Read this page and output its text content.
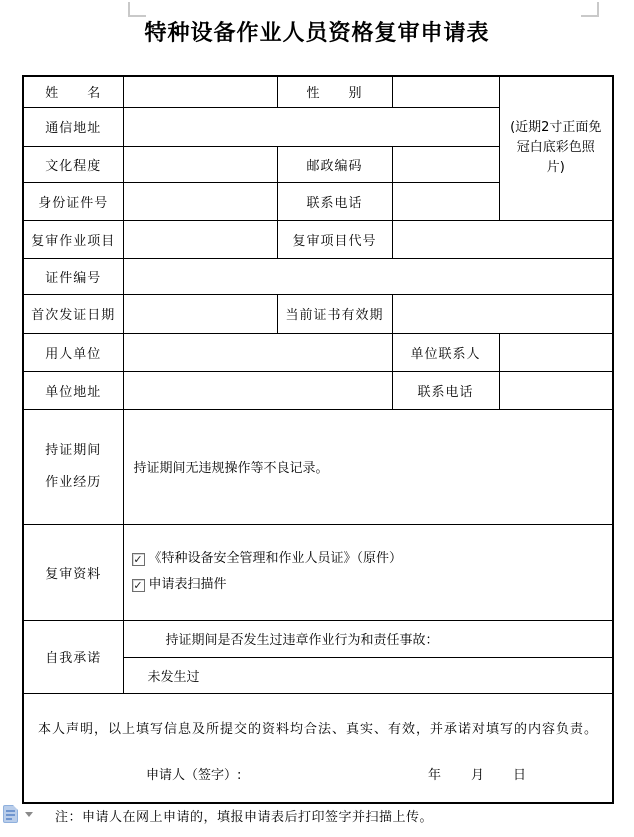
特种设备作业人员资格复审申请表
姓　　名		性　　别		(近期2寸正面免冠白底彩色照片)
通信地址				
文化程度		邮政编码		
身份证件号		联系电话		
复审作业项目		复审项目代号		
证件编号				
首次发证日期		当前证书有效期		
用人单位			单位联系人	
单位地址			联系电话	

持证期间
作业经历	持证期间无违规操作等不良记录。			
复审资料	✓ 《特种设备安全管理和作业人员证》（原件）
✓ 申请表扫描件			

自我承诺	持证期间是否发生过违章作业行为和责任事故：			
	未发生过			

本人声明，以上填写信息及所提交的资料均合法、真实、有效，并承诺对填写的内容负责。
申请人（签字）: 年 月 日				
注：申请人在网上申请的，填报申请表后打印签字并扫描上传。
